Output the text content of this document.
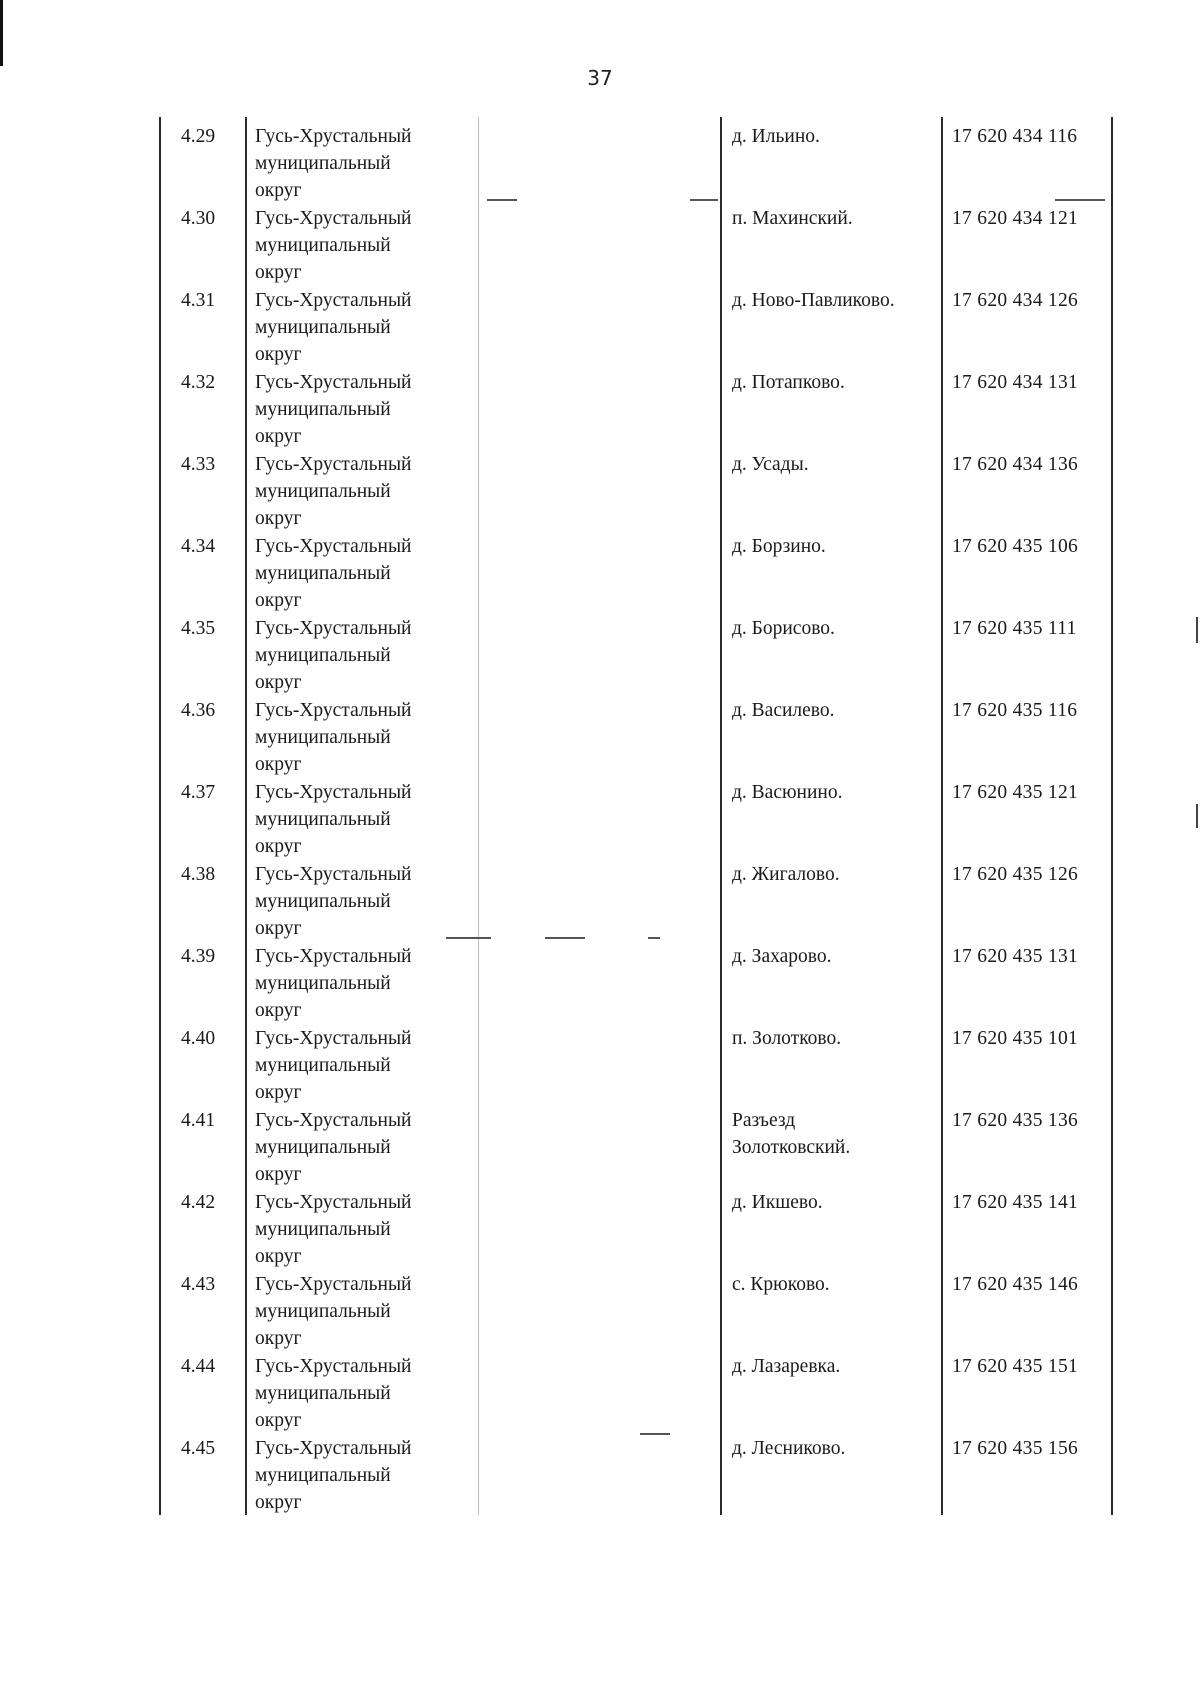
37
4.29	Гусь-Хрустальный
муниципальный
округ
д. Ильино.	17 620 434 116
4.30	Гусь-Хрустальный
муниципальный
округ
п. Махинский.	17 620 434 121
4.31	Гусь-Хрустальный
муниципальный
округ
д. Ново-Павликово.	17 620 434 126
4.32	Гусь-Хрустальный
муниципальный
округ
д. Потапково.	17 620 434 131
4.33	Гусь-Хрустальный
муниципальный
округ
д. Усады.	17 620 434 136
4.34	Гусь-Хрустальный
муниципальный
округ
д. Борзино.	17 620 435 106
4.35	Гусь-Хрустальный
муниципальный
округ
д. Борисово.	17 620 435 111
4.36	Гусь-Хрустальный
муниципальный
округ
д. Василево.	17 620 435 116
4.37	Гусь-Хрустальный
муниципальный
округ
д. Васюнино.	17 620 435 121
4.38	Гусь-Хрустальный
муниципальный
округ
д. Жигалово.	17 620 435 126
4.39	Гусь-Хрустальный
муниципальный
округ
д. Захарово.	17 620 435 131
4.40	Гусь-Хрустальный
муниципальный
округ
п. Золотково.	17 620 435 101
4.41	Гусь-Хрустальный
муниципальный
округ
Разъезд
Золотковский.
17 620 435 136
4.42	Гусь-Хрустальный
муниципальный
округ
д. Икшево.	17 620 435 141
4.43	Гусь-Хрустальный
муниципальный
округ
с. Крюково.	17 620 435 146
4.44	Гусь-Хрустальный
муниципальный
округ
д. Лазаревка.	17 620 435 151
4.45	Гусь-Хрустальный
муниципальный
округ
д. Лесниково.	17 620 435 156
